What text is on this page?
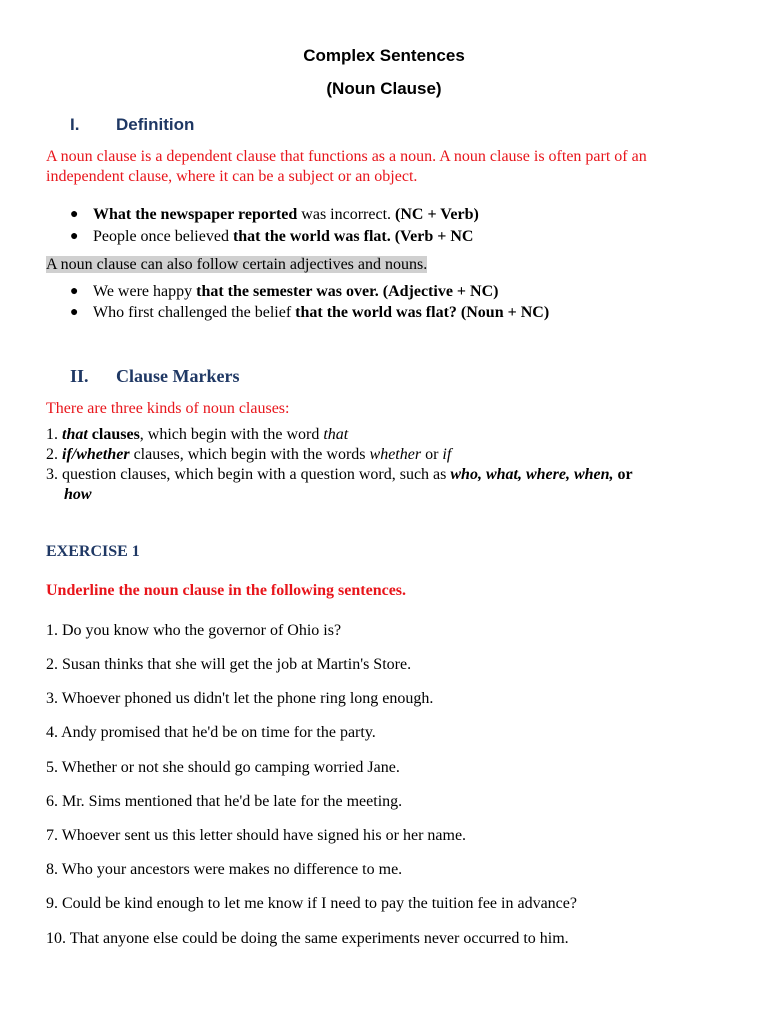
Complex Sentences
(Noun Clause)
I. Definition
A noun clause is a dependent clause that functions as a noun. A noun clause is often part of an
independent clause, where it can be a subject or an object.
● What the newspaper reported was incorrect. (NC + Verb)
● People once believed that the world was flat. (Verb + NC
A noun clause can also follow certain adjectives and nouns.
● We were happy that the semester was over. (Adjective + NC)
● Who first challenged the belief that the world was flat? (Noun + NC)
II. Clause Markers
There are three kinds of noun clauses:
1. that clauses, which begin with the word that
2. if/whether clauses, which begin with the words whether or if
3. question clauses, which begin with a question word, such as who, what, where, when, or
how
EXERCISE 1
Underline the noun clause in the following sentences.
1. Do you know who the governor of Ohio is?
2. Susan thinks that she will get the job at Martin's Store.
3. Whoever phoned us didn't let the phone ring long enough.
4. Andy promised that he'd be on time for the party.
5. Whether or not she should go camping worried Jane.
6. Mr. Sims mentioned that he'd be late for the meeting.
7. Whoever sent us this letter should have signed his or her name.
8. Who your ancestors were makes no difference to me.
9. Could be kind enough to let me know if I need to pay the tuition fee in advance?
10. That anyone else could be doing the same experiments never occurred to him.
